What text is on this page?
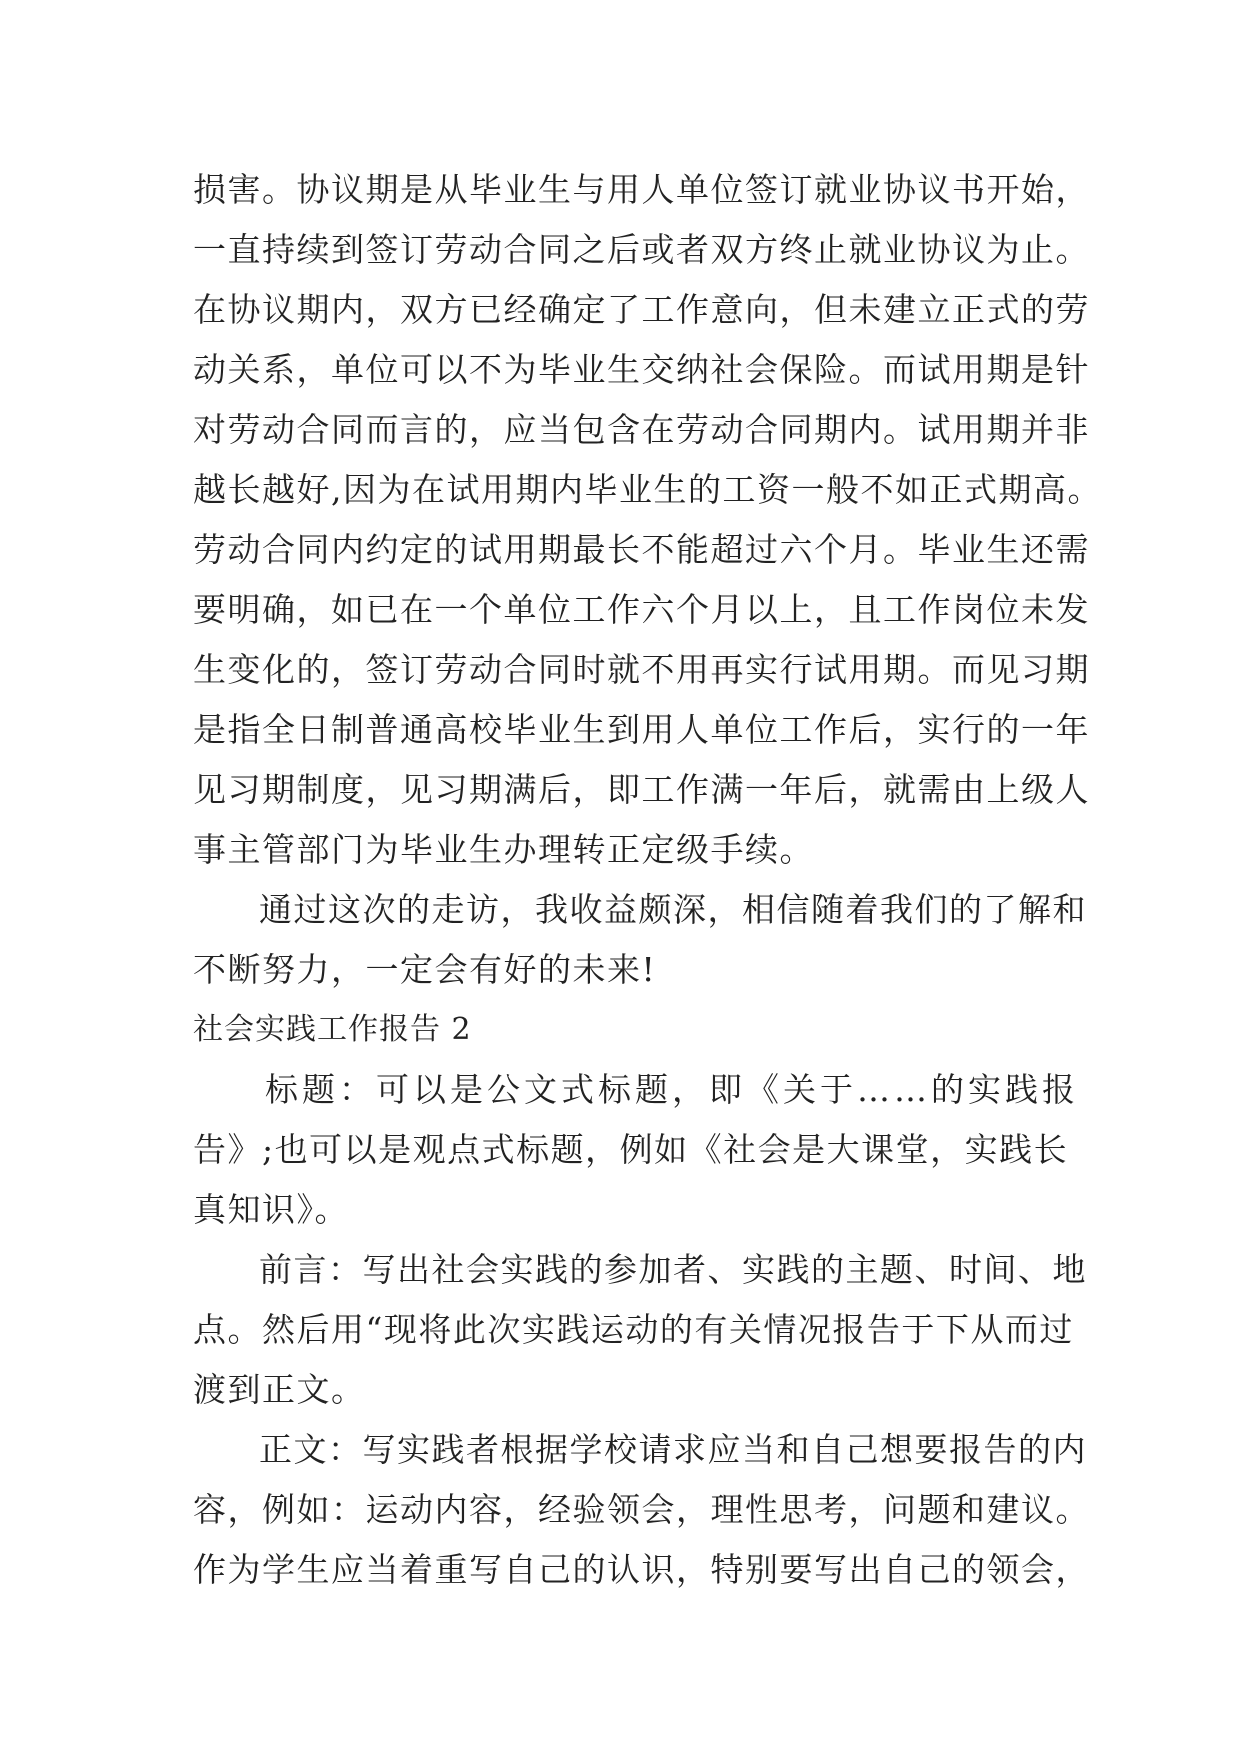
损害。协议期是从毕业生与用人单位签订就业协议书开始，
一直持续到签订劳动合同之后或者双方终止就业协议为止。
在协议期内，双方已经确定了工作意向，但未建立正式的劳
动关系，单位可以不为毕业生交纳社会保险。而试用期是针
对劳动合同而言的，应当包含在劳动合同期内。试用期并非
越长越好,因为在试用期内毕业生的工资一般不如正式期高。
劳动合同内约定的试用期最长不能超过六个月。毕业生还需
要明确，如已在一个单位工作六个月以上，且工作岗位未发
生变化的，签订劳动合同时就不用再实行试用期。而见习期
是指全日制普通高校毕业生到用人单位工作后，实行的一年
见习期制度，见习期满后，即工作满一年后，就需由上级人
事主管部门为毕业生办理转正定级手续。
通过这次的走访，我收益颇深，相信随着我们的了解和
不断努力，一定会有好的未来!
社会实践工作报告 2
标题：可以是公文式标题，即《关于……的实践报
告》;也可以是观点式标题，例如《社会是大课堂，实践长
真知识》。
前言：写出社会实践的参加者、实践的主题、时间、地
点。然后用“现将此次实践运动的有关情况报告于下从而过
渡到正文。
正文：写实践者根据学校请求应当和自己想要报告的内
容，例如：运动内容，经验领会，理性思考，问题和建议。
作为学生应当着重写自己的认识，特别要写出自己的领会，
